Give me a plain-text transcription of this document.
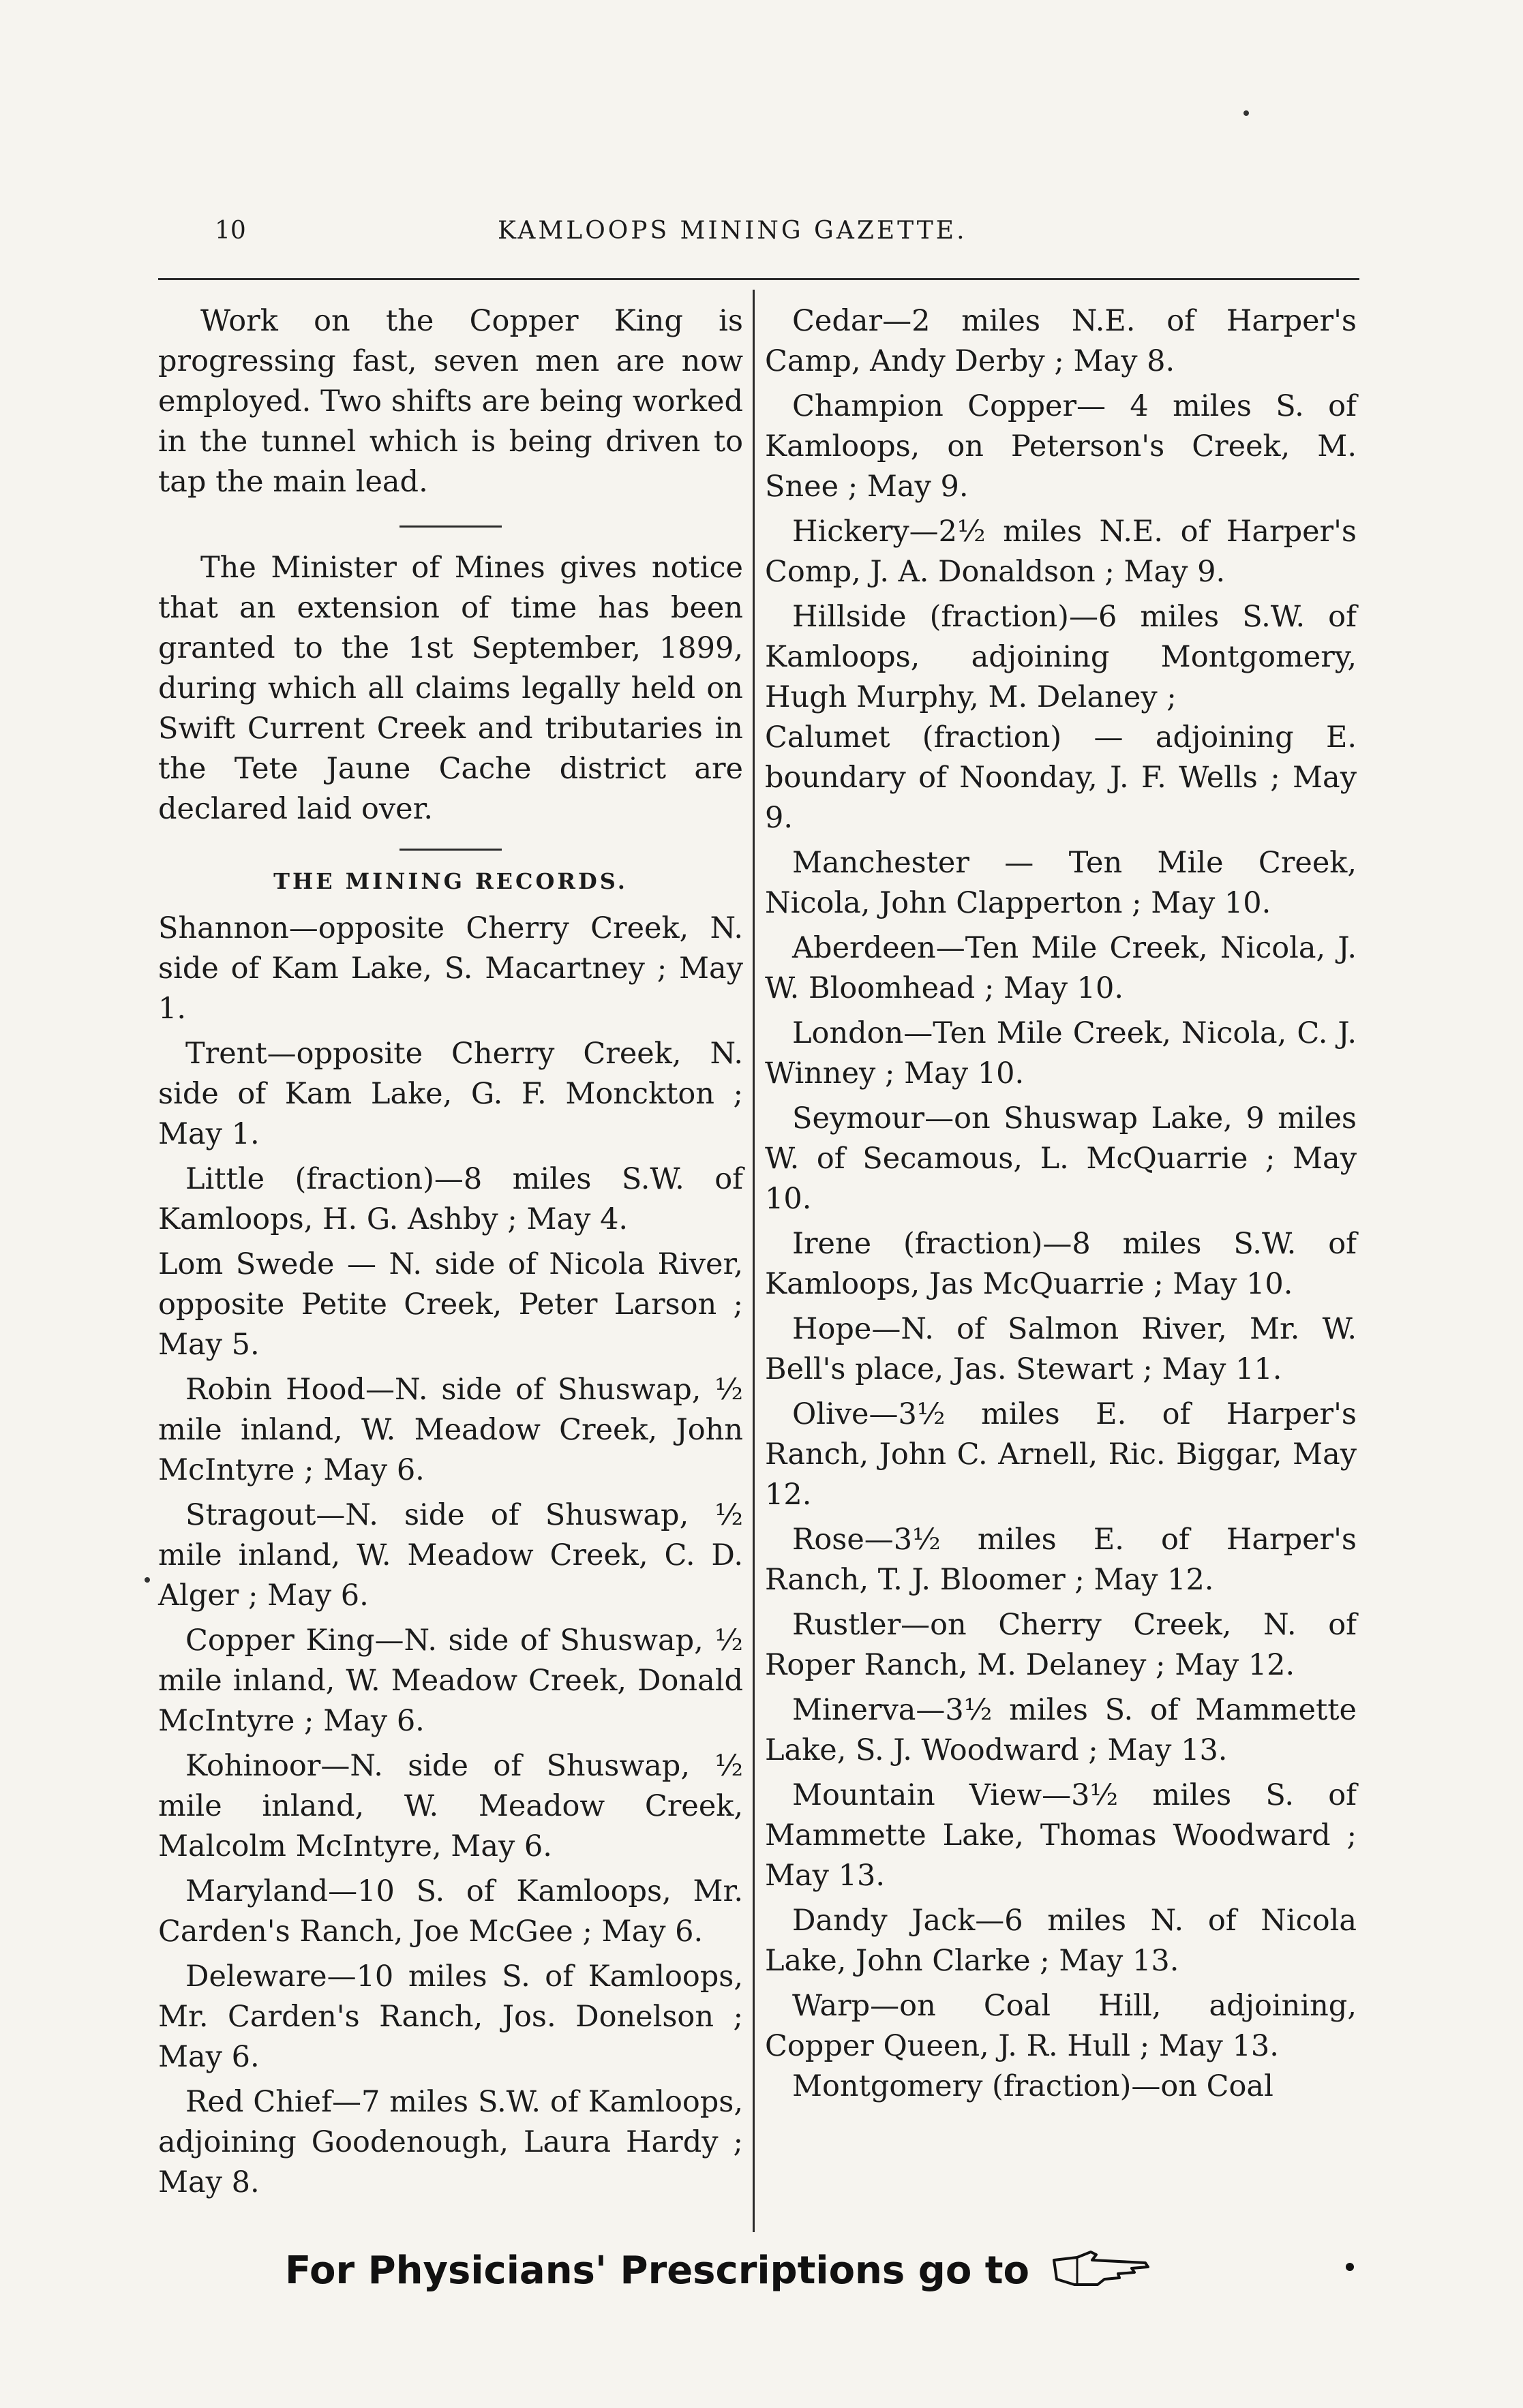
10	KAMLOOPS MINING GAZETTE.

Work on the Copper King is progressing fast, seven men are now employed. Two shifts are being worked in the tunnel which is being driven to tap the main lead.

The Minister of Mines gives notice that an extension of time has been granted to the 1st September, 1899, during which all claims legally held on Swift Current Creek and tributaries in the Tete Jaune Cache district are declared laid over.

THE MINING RECORDS.

Shannon—opposite Cherry Creek, N. side of Kam Lake, S. Macartney ; May 1.

Trent—opposite Cherry Creek, N. side of Kam Lake, G. F. Monckton ; May 1.

Little (fraction)—8 miles S.W. of Kamloops, H. G. Ashby ; May 4.

Lom Swede — N. side of Nicola River, opposite Petite Creek, Peter Larson ; May 5.

Robin Hood—N. side of Shuswap, ½ mile inland, W. Meadow Creek, John McIntyre ; May 6.

Stragout—N. side of Shuswap, ½ mile inland, W. Meadow Creek, C. D. Alger ; May 6.

Copper King—N. side of Shuswap, ½ mile inland, W. Meadow Creek, Donald McIntyre ; May 6.

Kohinoor—N. side of Shuswap, ½ mile inland, W. Meadow Creek, Malcolm McIntyre, May 6.

Maryland—10 S. of Kamloops, Mr. Carden's Ranch, Joe McGee ; May 6.

Deleware—10 miles S. of Kamloops, Mr. Carden's Ranch, Jos. Donelson ; May 6.

Red Chief—7 miles S.W. of Kamloops, adjoining Goodenough, Laura Hardy ; May 8.

Cedar—2 miles N.E. of Harper's Camp, Andy Derby ; May 8.

Champion Copper— 4 miles S. of Kamloops, on Peterson's Creek, M. Snee ; May 9.

Hickery—2½ miles N.E. of Harper's Comp, J. A. Donaldson ; May 9.

Hillside (fraction)—6 miles S.W. of Kamloops, adjoining Montgomery, Hugh Murphy, M. Delaney ;

Calumet (fraction) — adjoining E. boundary of Noonday, J. F. Wells ; May 9.

Manchester — Ten Mile Creek, Nicola, John Clapperton ; May 10.

Aberdeen—Ten Mile Creek, Nicola, J. W. Bloomhead ; May 10.

London—Ten Mile Creek, Nicola, C. J. Winney ; May 10.

Seymour—on Shuswap Lake, 9 miles W. of Secamous, L. McQuarrie ; May 10.

Irene (fraction)—8 miles S.W. of Kamloops, Jas McQuarrie ; May 10.

Hope—N. of Salmon River, Mr. W. Bell's place, Jas. Stewart ; May 11.

Olive—3½ miles E. of Harper's Ranch, John C. Arnell, Ric. Biggar, May 12.

Rose—3½ miles E. of Harper's Ranch, T. J. Bloomer ; May 12.

Rustler—on Cherry Creek, N. of Roper Ranch, M. Delaney ; May 12.

Minerva—3½ miles S. of Mammette Lake, S. J. Woodward ; May 13.

Mountain View—3½ miles S. of Mammette Lake, Thomas Woodward ; May 13.

Dandy Jack—6 miles N. of Nicola Lake, John Clarke ; May 13.

Warp—on Coal Hill, adjoining, Copper Queen, J. R. Hull ; May 13.

Montgomery (fraction)—on Coal

For Physicians' Prescriptions go to
